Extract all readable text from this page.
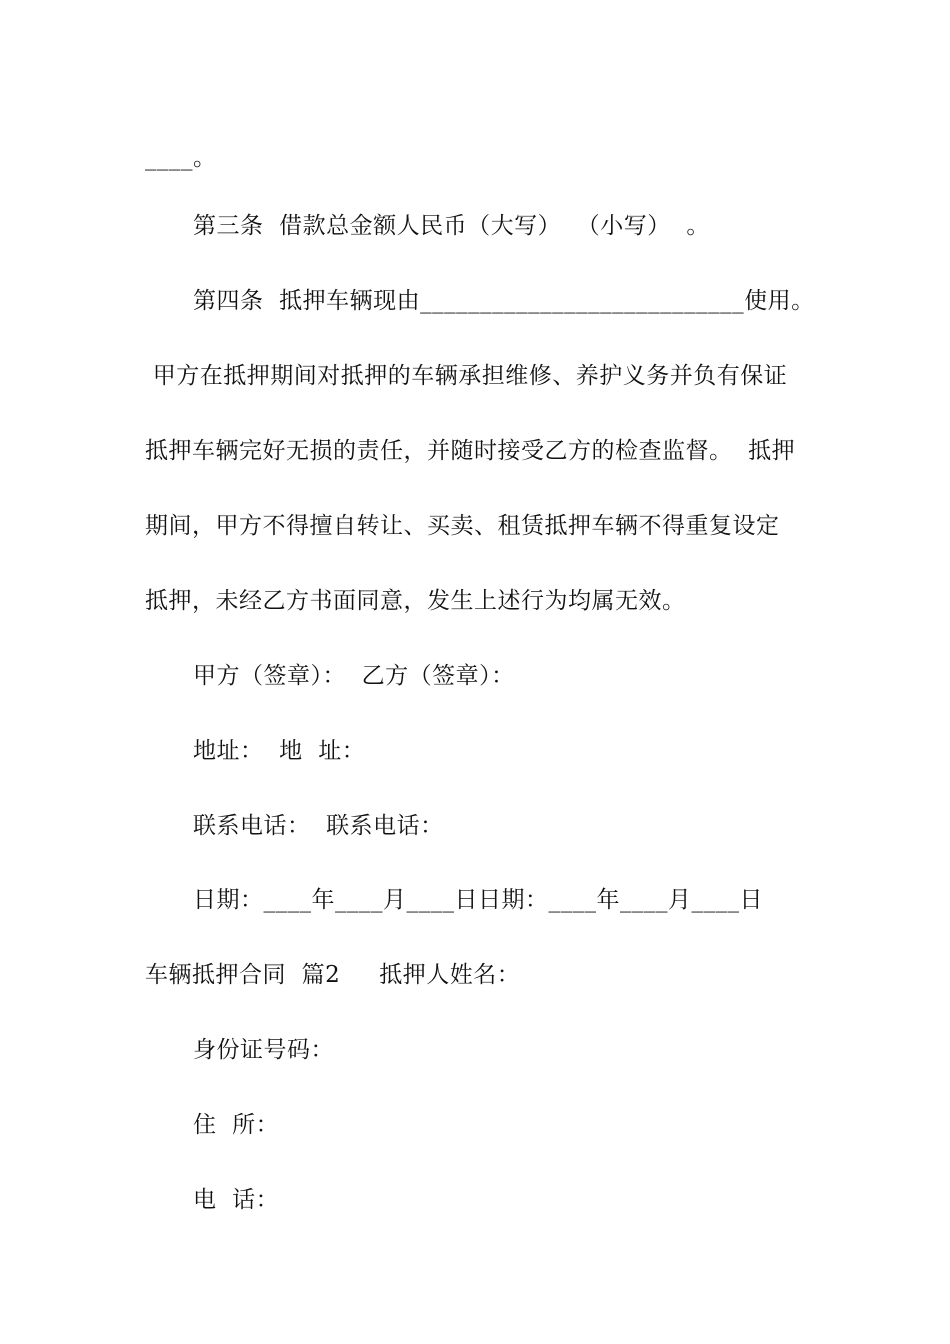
____。
第三条  借款总金额人民币（大写）  （小写）  。
第四条  抵押车辆现由___________________________使用。
甲方在抵押期间对抵押的车辆承担维修、养护义务并负有保证
抵押车辆完好无损的责任，并随时接受乙方的检查监督。  抵押
期间，甲方不得擅自转让、买卖、租赁抵押车辆不得重复设定
抵押，未经乙方书面同意，发生上述行为均属无效。
甲方（签章）：  乙方（签章）：
地址：  地  址：
联系电话：  联系电话：
日期：____年____月____日日期：____年____月____日
车辆抵押合同  篇2     抵押人姓名：
身份证号码：
住  所：
电  话：
